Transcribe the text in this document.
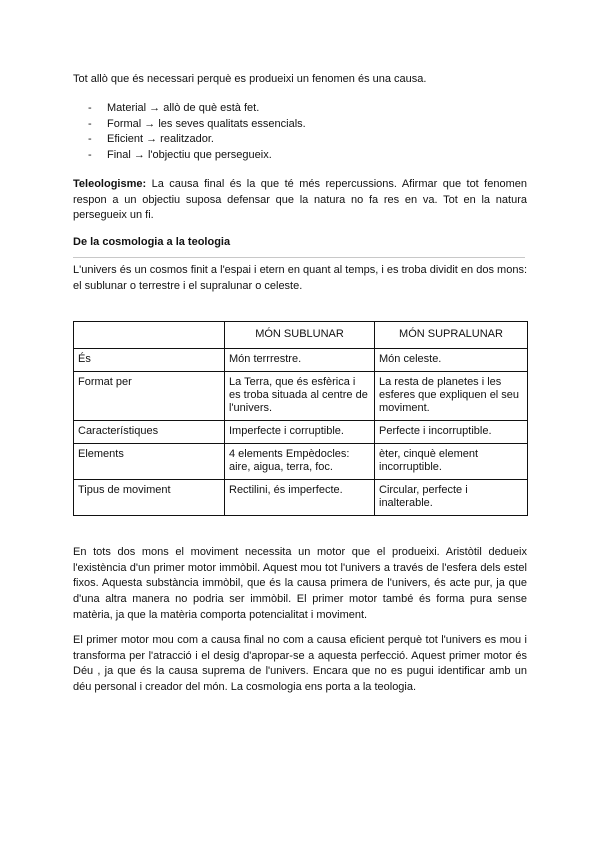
Tot allò que és necessari perquè es produeixi un fenomen és una causa.
- Material → allò de què està fet.
- Formal → les seves qualitats essencials.
- Eficient → realitzador.
- Final → l'objectiu que persegueix.
Teleologisme: La causa final és la que té més repercussions. Afirmar que tot fenomen respon a un objectiu suposa defensar que la natura no fa res en va. Tot en la natura persegueix un fi.
De la cosmologia a la teologia
L'univers és un cosmos finit a l'espai i etern en quant al temps, i es troba dividit en dos mons: el sublunar o terrestre i el supralunar o celeste.
	MÓN SUBLUNAR	MÓN SUPRALUNAR
És	Món terrrestre.	Món celeste.
Format per	La Terra, que és esfèrica i es troba situada al centre de l'univers.	La resta de planetes i les esferes que expliquen el seu moviment.
Característiques	Imperfecte i corruptible.	Perfecte i incorruptible.
Elements	4 elements Empèdocles: aire, aigua, terra, foc.	èter, cinquè element incorruptible.
Tipus de moviment	Rectilini, és imperfecte.	Circular, perfecte i inalterable.
En tots dos mons el moviment necessita un motor que el produeixi. Aristòtil dedueix l'existència d'un primer motor immòbil. Aquest mou tot l'univers a través de l'esfera dels estel fixos. Aquesta substància immòbil, que és la causa primera de l'univers, és acte pur, ja que d'una altra manera no podria ser immòbil. El primer motor també és forma pura sense matèria, ja que la matèria comporta potencialitat i moviment.
El primer motor mou com a causa final no com a causa eficient perquè tot l'univers es mou i transforma per l'atracció i el desig d'apropar-se a aquesta perfecció. Aquest primer motor és Déu , ja que és la causa suprema de l'univers. Encara que no es pugui identificar amb un déu personal i creador del món. La cosmologia ens porta a la teologia.
